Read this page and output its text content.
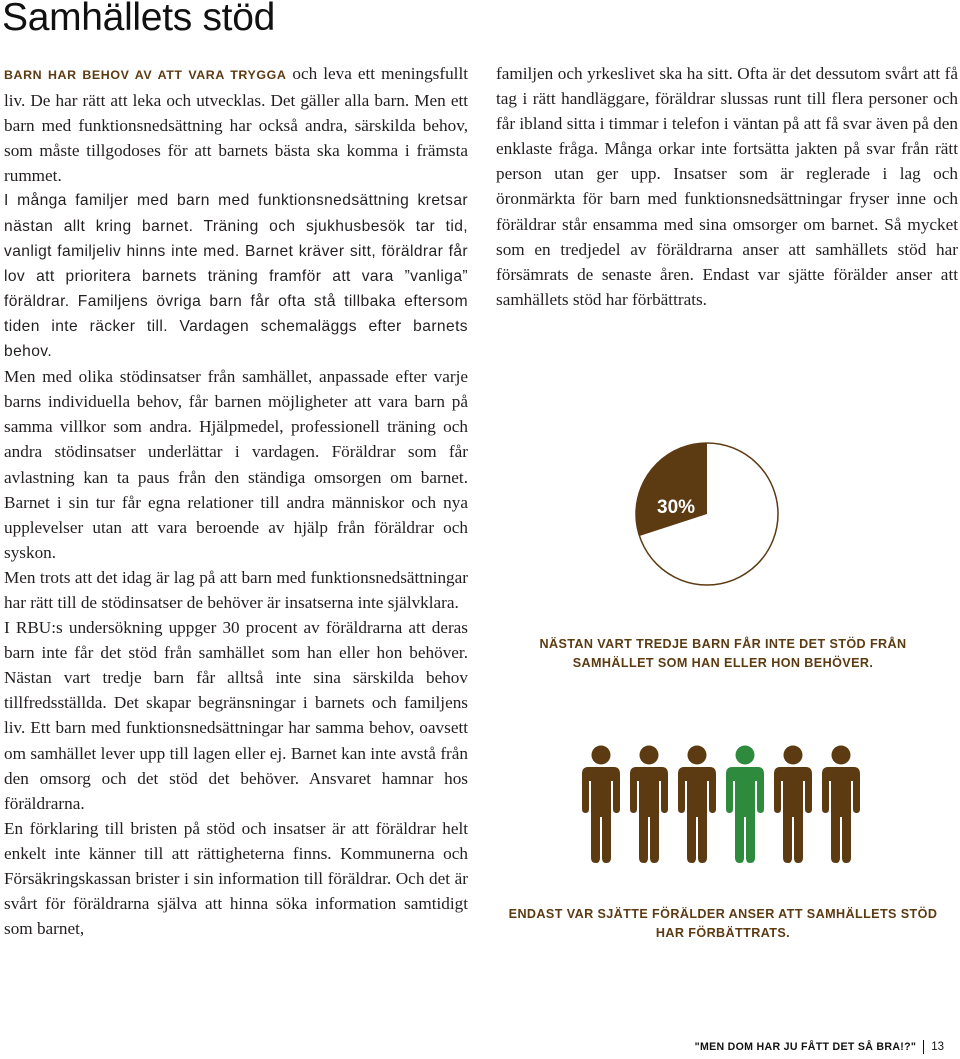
Samhällets stöd

BARN HAR BEHOV AV ATT VARA TRYGGA och leva ett meningsfullt liv. De har rätt att leka och utvecklas. Det gäller alla barn. Men ett barn med funktionsnedsättning har också andra, särskilda behov, som måste tillgodoses för att barnets bästa ska komma i främsta rummet.

I många familjer med barn med funktionsnedsättning kretsar nästan allt kring barnet. Träning och sjukhusbesök tar tid, vanligt familjeliv hinns inte med. Barnet kräver sitt, föräldrar får lov att prioritera barnets träning framför att vara ”vanliga” föräldrar. Familjens övriga barn får ofta stå tillbaka eftersom tiden inte räcker till. Vardagen schemaläggs efter barnets behov.

Men med olika stödinsatser från samhället, anpassade efter varje barns individuella behov, får barnen möjligheter att vara barn på samma villkor som andra. Hjälpmedel, professionell träning och andra stödinsatser underlättar i vardagen. Föräldrar som får avlastning kan ta paus från den ständiga omsorgen om barnet. Barnet i sin tur får egna relationer till andra människor och nya upplevelser utan att vara beroende av hjälp från föräldrar och syskon.

Men trots att det idag är lag på att barn med funktionsnedsättningar har rätt till de stödinsatser de behöver är insatserna inte självklara.

I RBU:s undersökning uppger 30 procent av föräldrarna att deras barn inte får det stöd från samhället som han eller hon behöver. Nästan vart tredje barn får alltså inte sina särskilda behov tillfredsställda. Det skapar begränsningar i barnets och familjens liv. Ett barn med funktionsnedsättningar har samma behov, oavsett om samhället lever upp till lagen eller ej. Barnet kan inte avstå från den omsorg och det stöd det behöver. Ansvaret hamnar hos föräldrarna.

En förklaring till bristen på stöd och insatser är att föräldrar helt enkelt inte känner till att rättigheterna finns. Kommunerna och Försäkringskassan brister i sin information till föräldrar. Och det är svårt för föräldrarna själva att hinna söka information samtidigt som barnet,

familjen och yrkeslivet ska ha sitt. Ofta är det dessutom svårt att få tag i rätt handläggare, föräldrar slussas runt till flera personer och får ibland sitta i timmar i telefon i väntan på att få svar även på den enklaste fråga. Många orkar inte fortsätta jakten på svar från rätt person utan ger upp. Insatser som är reglerade i lag och öronmärkta för barn med funktionsnedsättningar fryser inne och föräldrar står ensamma med sina omsorger om barnet. Så mycket som en tredjedel av föräldrarna anser att samhällets stöd har försämrats de senaste åren. Endast var sjätte förälder anser att samhällets stöd har förbättrats.

30%
NÄSTAN VART TREDJE BARN FÅR INTE DET STÖD FRÅN SAMHÄLLET SOM HAN ELLER HON BEHÖVER.
ENDAST VAR SJÄTTE FÖRÄLDER ANSER ATT SAMHÄLLETS STÖD HAR FÖRBÄTTRATS.
"MEN DOM HAR JU FÅTT DET SÅ BRA!?" 13
